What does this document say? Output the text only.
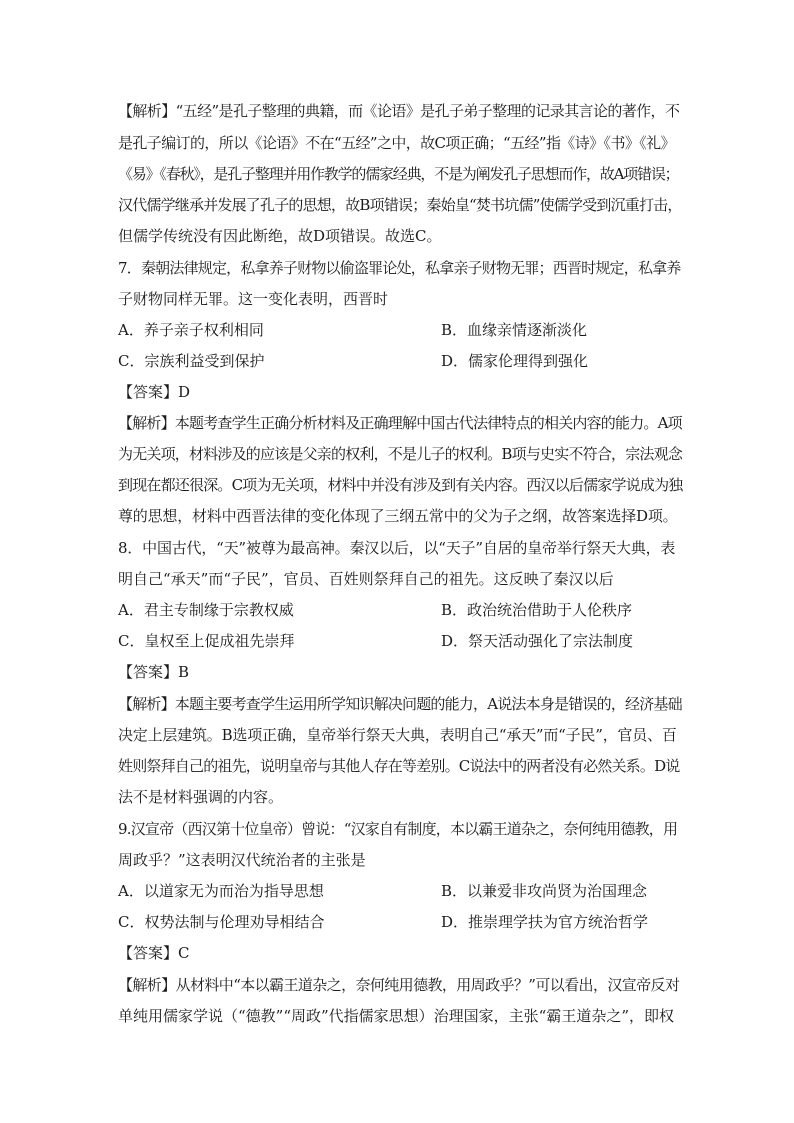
【解析】“五经”是孔子整理的典籍，而《论语》是孔子弟子整理的记录其言论的著作，不
是孔子编订的，所以《论语》不在“五经”之中，故C项正确；“五经”指《诗》《书》《礼》
《易》《春秋》，是孔子整理并用作教学的儒家经典，不是为阐发孔子思想而作，故A项错误；
汉代儒学继承并发展了孔子的思想，故B项错误；秦始皇“焚书坑儒”使儒学受到沉重打击，
但儒学传统没有因此断绝，故D项错误。故选C。
7．秦朝法律规定，私拿养子财物以偷盗罪论处，私拿亲子财物无罪；西晋时规定，私拿养
子财物同样无罪。这一变化表明，西晋时
A．养子亲子权利相同	B．血缘亲情逐渐淡化
C．宗族利益受到保护	D．儒家伦理得到强化
【答案】D
【解析】本题考查学生正确分析材料及正确理解中国古代法律特点的相关内容的能力。A项
为无关项，材料涉及的应该是父亲的权利，不是儿子的权利。B项与史实不符合，宗法观念
到现在都还很深。C项为无关项，材料中并没有涉及到有关内容。西汉以后儒家学说成为独
尊的思想，材料中西晋法律的变化体现了三纲五常中的父为子之纲，故答案选择D项。
8．中国古代，“天”被尊为最高神。秦汉以后，以“天子”自居的皇帝举行祭天大典，表
明自己“承天”而“子民”，官员、百姓则祭拜自己的祖先。这反映了秦汉以后
A．君主专制缘于宗教权威	B．政治统治借助于人伦秩序
C．皇权至上促成祖先崇拜	D．祭天活动强化了宗法制度
【答案】B
【解析】本题主要考查学生运用所学知识解决问题的能力，A说法本身是错误的，经济基础
决定上层建筑。B选项正确，皇帝举行祭天大典，表明自己“承天”而“子民”，官员、百
姓则祭拜自己的祖先，说明皇帝与其他人存在等差别。C说法中的两者没有必然关系。D说
法不是材料强调的内容。
9.汉宣帝（西汉第十位皇帝）曾说：“汉家自有制度，本以霸王道杂之，奈何纯用德教，用
周政乎？”这表明汉代统治者的主张是
A．以道家无为而治为指导思想	B．以兼爱非攻尚贤为治国理念
C．权势法制与伦理劝导相结合	D．推崇理学扶为官方统治哲学
【答案】C
【解析】从材料中“本以霸王道杂之，奈何纯用德教，用周政乎？”可以看出，汉宣帝反对
单纯用儒家学说（“德教”“周政”代指儒家思想）治理国家，主张“霸王道杂之”，即权
